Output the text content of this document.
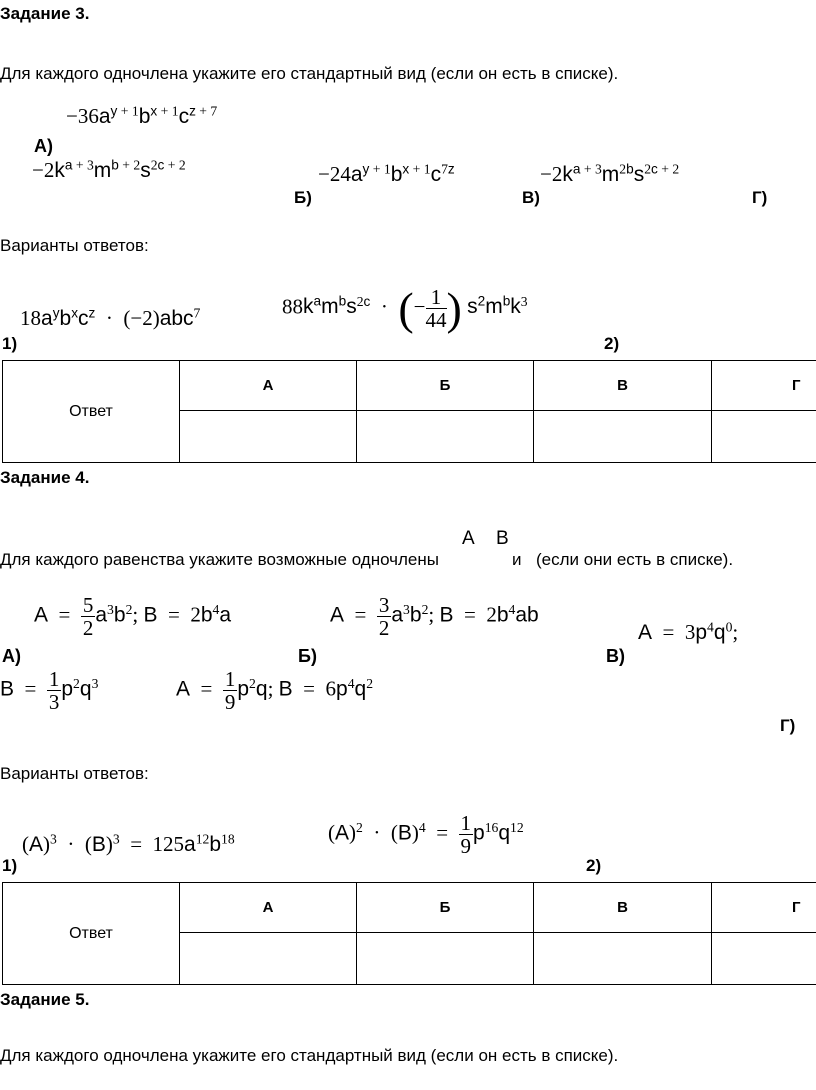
Задание 3.
Для каждого одночлена укажите его стандартный вид (если он есть в списке).
$-36a^y$ $^{+ 1}b^x$ $^{+ 1}c^z$ $^{+ 7}$
А)
$-2k^a$ $^{+ 3}m^b$ $^{+ 2}s^{2c + 2}$
Б)
$-24a^y$ $^{+ 1}b^x$ $^{+ 1}c^{7z}$
В)
$-2k^a$ $^{+ 3}m^{2b}s^{2c + 2}$
Г)
Варианты ответов:
$18a^yb^xc^z \cdot (-2)abc^7$
1)
$88k^am^bs^{2c}$  ·  (− $\frac{1}{44}$ ) $s^2m^bk^3$
2)
Ответ	А	Б	В	Г

Задание 4.
A B
Для каждого равенства укажите возможные одночлены	и (если они есть в списке).
$A = \frac{5}{2} a^3b^2$; $B = 2b^4a$
А)
$A = \frac{3}{2} a^3b^2$; $B = 2b^4ab$
Б)
$A = 3p^4q^0$;
В)
$B = \frac{1}{3} p^2q^3$	$A = \frac{1}{9} p^2q$; $B = 6p^4q^2$
Г)
Варианты ответов:
$(A)^3 \cdot (B)^3 = 125a^{12}b^{18}$
1)
$(A)^2 \cdot (B)^4 = \frac{1}{9} p^{16}q^{12}$
2)
Ответ	А	Б	В	Г

Задание 5.
Для каждого одночлена укажите его стандартный вид (если он есть в списке).
